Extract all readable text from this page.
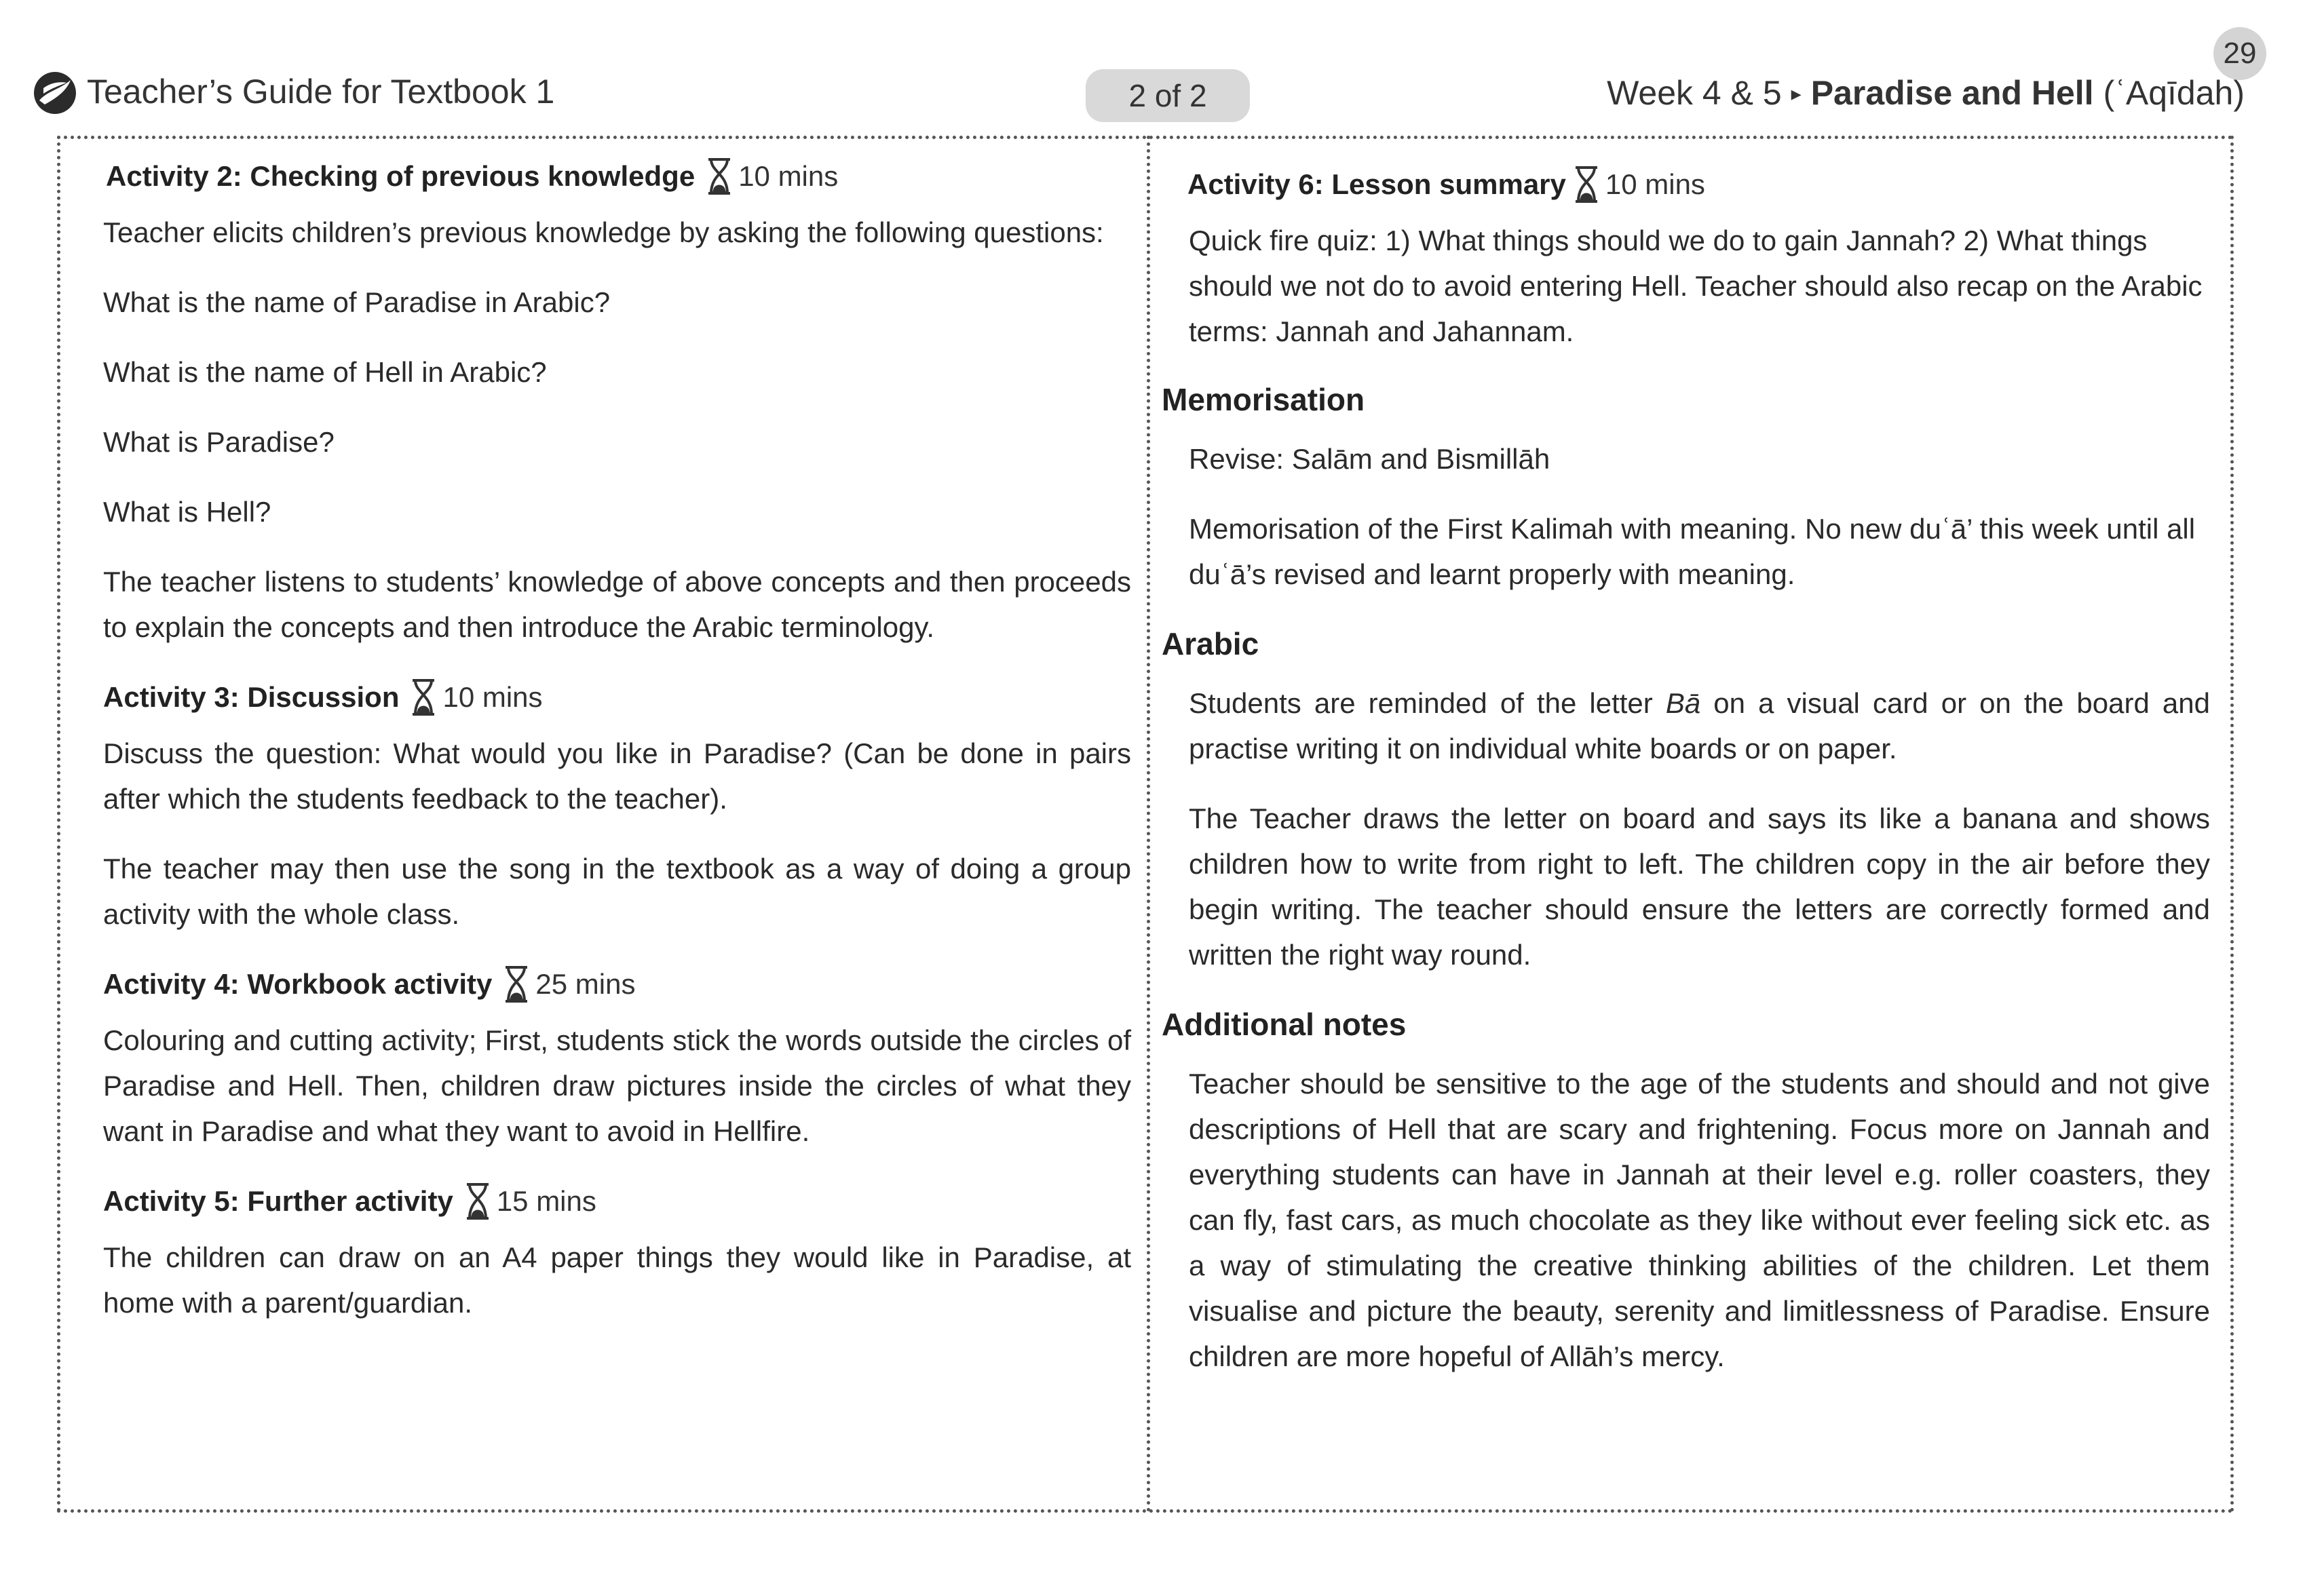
29
Teacher’s Guide for Textbook 1	2 of 2	Week 4 & 5 ▸ Paradise and Hell (ʿAqīdah)
Activity 2: Checking of previous knowledge 10 mins

Teacher elicits children’s previous knowledge by asking the following questions:

What is the name of Paradise in Arabic?

What is the name of Hell in Arabic?

What is Paradise?

What is Hell?

The teacher listens to students’ knowledge of above concepts and then proceeds to explain the concepts and then introduce the Arabic terminology.

Activity 3: Discussion 10 mins

Discuss the question: What would you like in Paradise? (Can be done in pairs after which the students feedback to the teacher).

The teacher may then use the song in the textbook as a way of doing a group activity with the whole class.

Activity 4: Workbook activity 25 mins

Colouring and cutting activity; First, students stick the words outside the circles of Paradise and Hell. Then, children draw pictures inside the circles of what they want in Paradise and what they want to avoid in Hellfire.

Activity 5: Further activity 15 mins

The children can draw on an A4 paper things they would like in Paradise, at home with a parent/guardian.

Activity 6: Lesson summary 10 mins

Quick fire quiz: 1) What things should we do to gain Jannah? 2) What things should we not do to avoid entering Hell. Teacher should also recap on the Arabic terms: Jannah and Jahannam.

Memorisation

Revise: Salām and Bismillāh

Memorisation of the First Kalimah with meaning. No new duʿā’ this week until all duʿā’s revised and learnt properly with meaning.

Arabic

Students are reminded of the letter Bā on a visual card or on the board and practise writing it on individual white boards or on paper.

The Teacher draws the letter on board and says its like a banana and shows children how to write from right to left. The children copy in the air before they begin writing. The teacher should ensure the letters are correctly formed and written the right way round.

Additional notes

Teacher should be sensitive to the age of the students and should and not give descriptions of Hell that are scary and frightening. Focus more on Jannah and everything students can have in Jannah at their level e.g. roller coasters, they can fly, fast cars, as much chocolate as they like without ever feeling sick etc. as a way of stimulating the creative thinking abilities of the children. Let them visualise and picture the beauty, serenity and limitlessness of Paradise. Ensure children are more hopeful of Allāh’s mercy.
